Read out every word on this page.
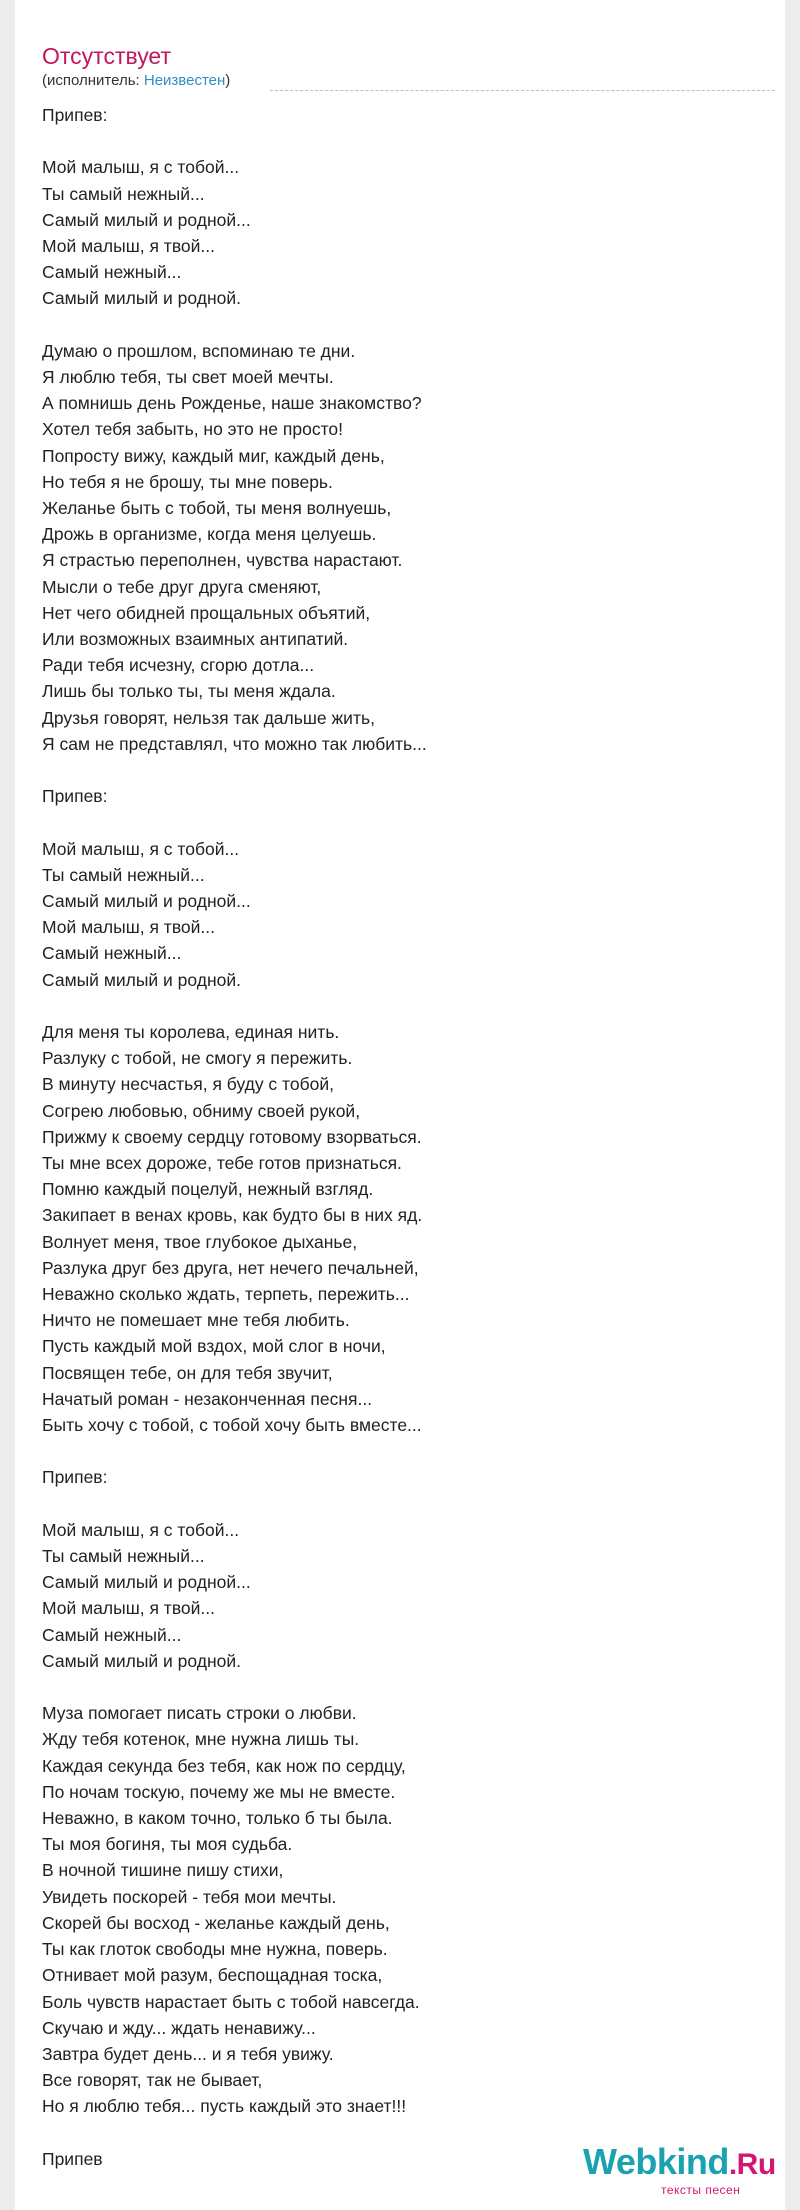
Отсутствует
(исполнитель: Неизвестен)
Припев:
Мой малыш, я с тобой...
Ты самый нежный...
Самый милый и родной...
Мой малыш, я твой...
Самый нежный...
Самый милый и родной.
Думаю о прошлом, вспоминаю те дни.
Я люблю тебя, ты свет моей мечты.
А помнишь день Рожденье, наше знакомство?
Хотел тебя забыть, но это не просто!
Попросту вижу, каждый миг, каждый день,
Но тебя я не брошу, ты мне поверь.
Желанье быть с тобой, ты меня волнуешь,
Дрожь в организме, когда меня целуешь.
Я страстью переполнен, чувства нарастают.
Мысли о тебе друг друга сменяют,
Нет чего обидней прощальных объятий,
Или возможных взаимных антипатий.
Ради тебя исчезну, сгорю дотла...
Лишь бы только ты, ты меня ждала.
Друзья говорят, нельзя так дальше жить,
Я сам не представлял, что можно так любить...
Припев:
Мой малыш, я с тобой...
Ты самый нежный...
Самый милый и родной...
Мой малыш, я твой...
Самый нежный...
Самый милый и родной.
Для меня ты королева, единая нить.
Разлуку с тобой, не смогу я пережить.
В минуту несчастья, я буду с тобой,
Согрею любовью, обниму своей рукой,
Прижму к своему сердцу готовому взорваться.
Ты мне всех дороже, тебе готов признаться.
Помню каждый поцелуй, нежный взгляд.
Закипает в венах кровь, как будто бы в них яд.
Волнует меня, твое глубокое дыханье,
Разлука друг без друга, нет нечего печальней,
Неважно сколько ждать, терпеть, пережить...
Ничто не помешает мне тебя любить.
Пусть каждый мой вздох, мой слог в ночи,
Посвящен тебе, он для тебя звучит,
Начатый роман - незаконченная песня...
Быть хочу с тобой, с тобой хочу быть вместе...
Припев:
Мой малыш, я с тобой...
Ты самый нежный...
Самый милый и родной...
Мой малыш, я твой...
Самый нежный...
Самый милый и родной.
Муза помогает писать строки о любви.
Жду тебя котенок, мне нужна лишь ты.
Каждая секунда без тебя, как нож по сердцу,
По ночам тоскую, почему же мы не вместе.
Неважно, в каком точно, только б ты была.
Ты моя богиня, ты моя судьба.
В ночной тишине пишу стихи,
Увидеть поскорей - тебя мои мечты.
Скорей бы восход - желанье каждый день,
Ты как глоток свободы мне нужна, поверь.
Отнивает мой разум, беспощадная тоска,
Боль чувств нарастает быть с тобой навсегда.
Скучаю и жду... ждать ненавижу...
Завтра будет день... и я тебя увижу.
Все говорят, так не бывает,
Но я люблю тебя... пусть каждый это знает!!!
Припев	Webkind.Ru
тексты песен
